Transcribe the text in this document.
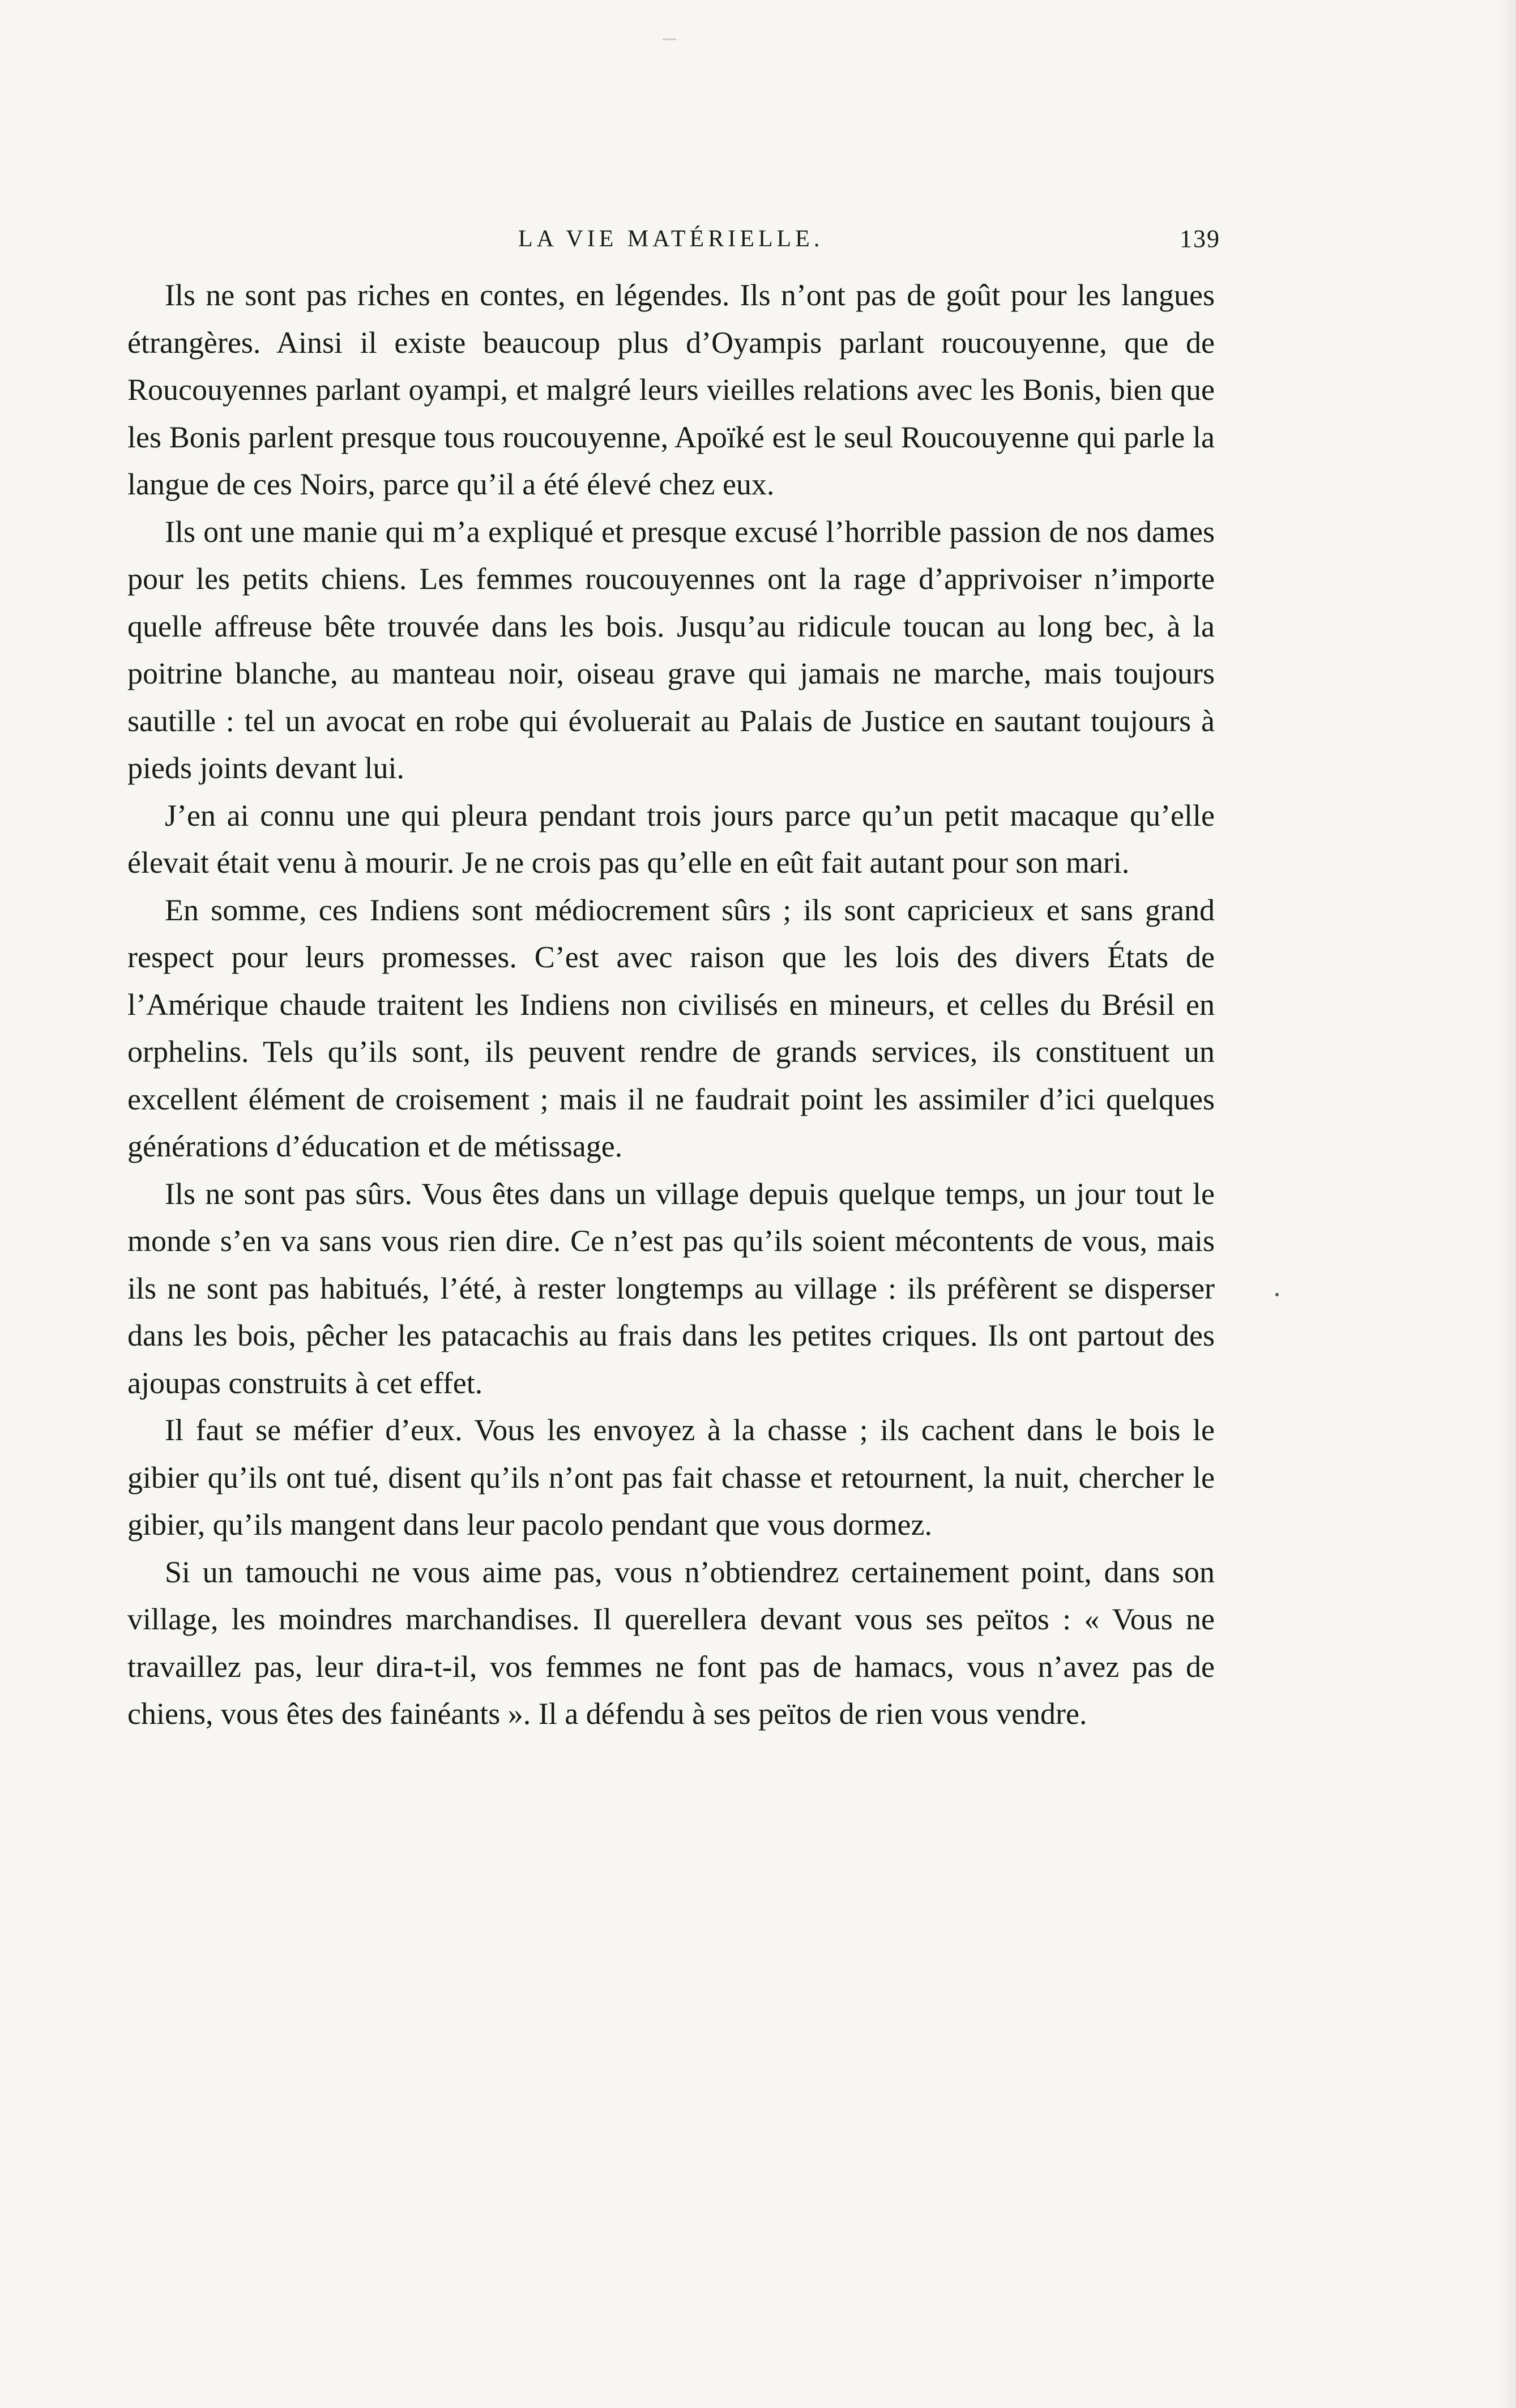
LA VIE MATÉRIELLE.	139

Ils ne sont pas riches en contes, en légendes. Ils n’ont pas de goût pour les langues étrangères. Ainsi il existe beaucoup plus d’Oyampis parlant roucouyenne, que de Roucouyennes parlant oyampi, et malgré leurs vieilles relations avec les Bonis, bien que les Bonis parlent presque tous roucouyenne, Apoïké est le seul Roucouyenne qui parle la langue de ces Noirs, parce qu’il a été élevé chez eux.

Ils ont une manie qui m’a expliqué et presque excusé l’horrible passion de nos dames pour les petits chiens. Les femmes roucouyennes ont la rage d’apprivoiser n’importe quelle affreuse bête trouvée dans les bois. Jusqu’au ridicule toucan au long bec, à la poitrine blanche, au manteau noir, oiseau grave qui jamais ne marche, mais toujours sautille : tel un avocat en robe qui évoluerait au Palais de Justice en sautant toujours à pieds joints devant lui.

J’en ai connu une qui pleura pendant trois jours parce qu’un petit macaque qu’elle élevait était venu à mourir. Je ne crois pas qu’elle en eût fait autant pour son mari.

En somme, ces Indiens sont médiocrement sûrs ; ils sont capricieux et sans grand respect pour leurs promesses. C’est avec raison que les lois des divers États de l’Amérique chaude traitent les Indiens non civilisés en mineurs, et celles du Brésil en orphelins. Tels qu’ils sont, ils peuvent rendre de grands services, ils constituent un excellent élément de croisement ; mais il ne faudrait point les assimiler d’ici quelques générations d’éducation et de métissage.

Ils ne sont pas sûrs. Vous êtes dans un village depuis quelque temps, un jour tout le monde s’en va sans vous rien dire. Ce n’est pas qu’ils soient mécontents de vous, mais ils ne sont pas habitués, l’été, à rester longtemps au village : ils préfèrent se disperser dans les bois, pêcher les patacachis au frais dans les petites criques. Ils ont partout des ajoupas construits à cet effet.

Il faut se méfier d’eux. Vous les envoyez à la chasse ; ils cachent dans le bois le gibier qu’ils ont tué, disent qu’ils n’ont pas fait chasse et retournent, la nuit, chercher le gibier, qu’ils mangent dans leur pacolo pendant que vous dormez.

Si un tamouchi ne vous aime pas, vous n’obtiendrez certainement point, dans son village, les moindres marchandises. Il querellera devant vous ses peïtos : « Vous ne travaillez pas, leur dira-t-il, vos femmes ne font pas de hamacs, vous n’avez pas de chiens, vous êtes des fainéants ». Il a défendu à ses peïtos de rien vous vendre.
